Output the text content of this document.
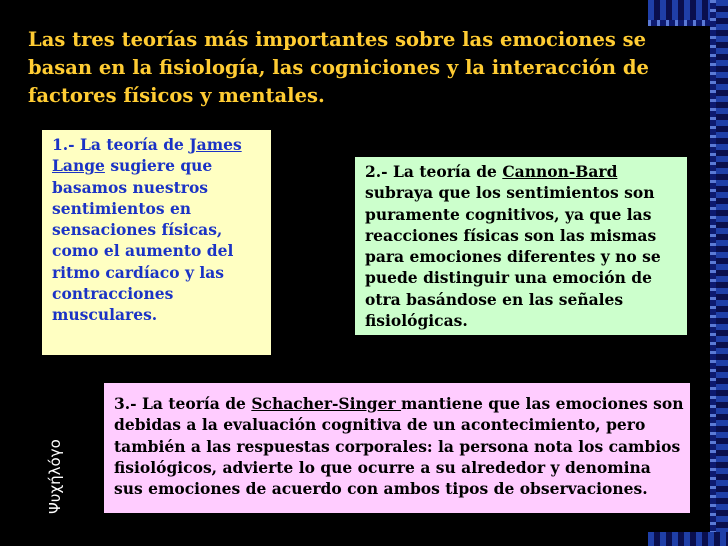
Las tres teorías más importantes sobre las emociones se basan en la fisiología, las cogniciones y la interacción de factores físicos y mentales.

1.- La teoría de James Lange sugiere que basamos nuestros sentimientos en sensaciones físicas, como el aumento del ritmo cardíaco y las contracciones musculares.
2.- La teoría de Cannon-Bard subraya que los sentimientos son puramente cognitivos, ya que las reacciones físicas son las mismas para emociones diferentes y no se puede distinguir una emoción de otra basándose en las señales fisiológicas.
3.- La teoría de Schacher-Singer mantiene que las emociones son debidas a la evaluación cognitiva de un acontecimiento, pero también a las respuestas corporales: la persona nota los cambios fisiológicos, advierte lo que ocurre a su alrededor y denomina sus emociones de acuerdo con ambos tipos de observaciones.
Ψυχήλόγο
